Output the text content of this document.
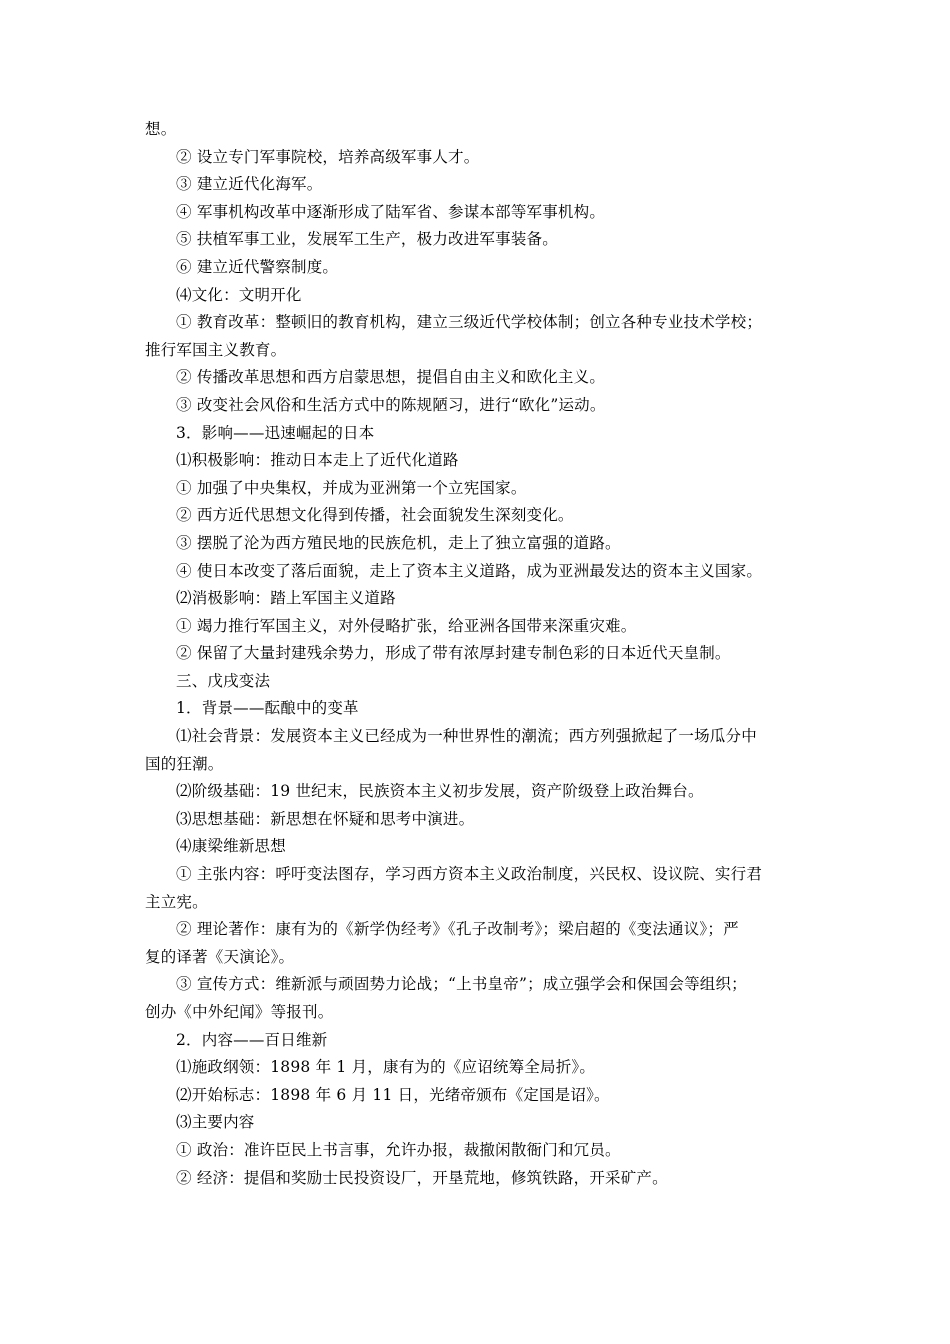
想。
② 设立专门军事院校，培养高级军事人才。
③ 建立近代化海军。
④ 军事机构改革中逐渐形成了陆军省、参谋本部等军事机构。
⑤ 扶植军事工业，发展军工生产，极力改进军事装备。
⑥ 建立近代警察制度。
⑷文化：文明开化
① 教育改革：整顿旧的教育机构，建立三级近代学校体制；创立各种专业技术学校；
推行军国主义教育。
② 传播改革思想和西方启蒙思想，提倡自由主义和欧化主义。
③ 改变社会风俗和生活方式中的陈规陋习，进行“欧化”运动。
3．影响——迅速崛起的日本
⑴积极影响：推动日本走上了近代化道路
① 加强了中央集权，并成为亚洲第一个立宪国家。
② 西方近代思想文化得到传播，社会面貌发生深刻变化。
③ 摆脱了沦为西方殖民地的民族危机，走上了独立富强的道路。
④ 使日本改变了落后面貌，走上了资本主义道路，成为亚洲最发达的资本主义国家。
⑵消极影响：踏上军国主义道路
① 竭力推行军国主义，对外侵略扩张，给亚洲各国带来深重灾难。
② 保留了大量封建残余势力，形成了带有浓厚封建专制色彩的日本近代天皇制。
三、戊戌变法
1．背景——酝酿中的变革
⑴社会背景：发展资本主义已经成为一种世界性的潮流；西方列强掀起了一场瓜分中
国的狂潮。
⑵阶级基础：19 世纪末，民族资本主义初步发展，资产阶级登上政治舞台。
⑶思想基础：新思想在怀疑和思考中演进。
⑷康梁维新思想
① 主张内容：呼吁变法图存，学习西方资本主义政治制度，兴民权、设议院、实行君
主立宪。
② 理论著作：康有为的《新学伪经考》《孔子改制考》；梁启超的《变法通议》；严
复的译著《天演论》。
③ 宣传方式：维新派与顽固势力论战；“上书皇帝”；成立强学会和保国会等组织；
创办《中外纪闻》等报刊。
2．内容——百日维新
⑴施政纲领：1898 年 1 月，康有为的《应诏统筹全局折》。
⑵开始标志：1898 年 6 月 11 日，光绪帝颁布《定国是诏》。
⑶主要内容
① 政治：准许臣民上书言事，允许办报，裁撤闲散衙门和冗员。
② 经济：提倡和奖励士民投资设厂，开垦荒地，修筑铁路，开采矿产。
